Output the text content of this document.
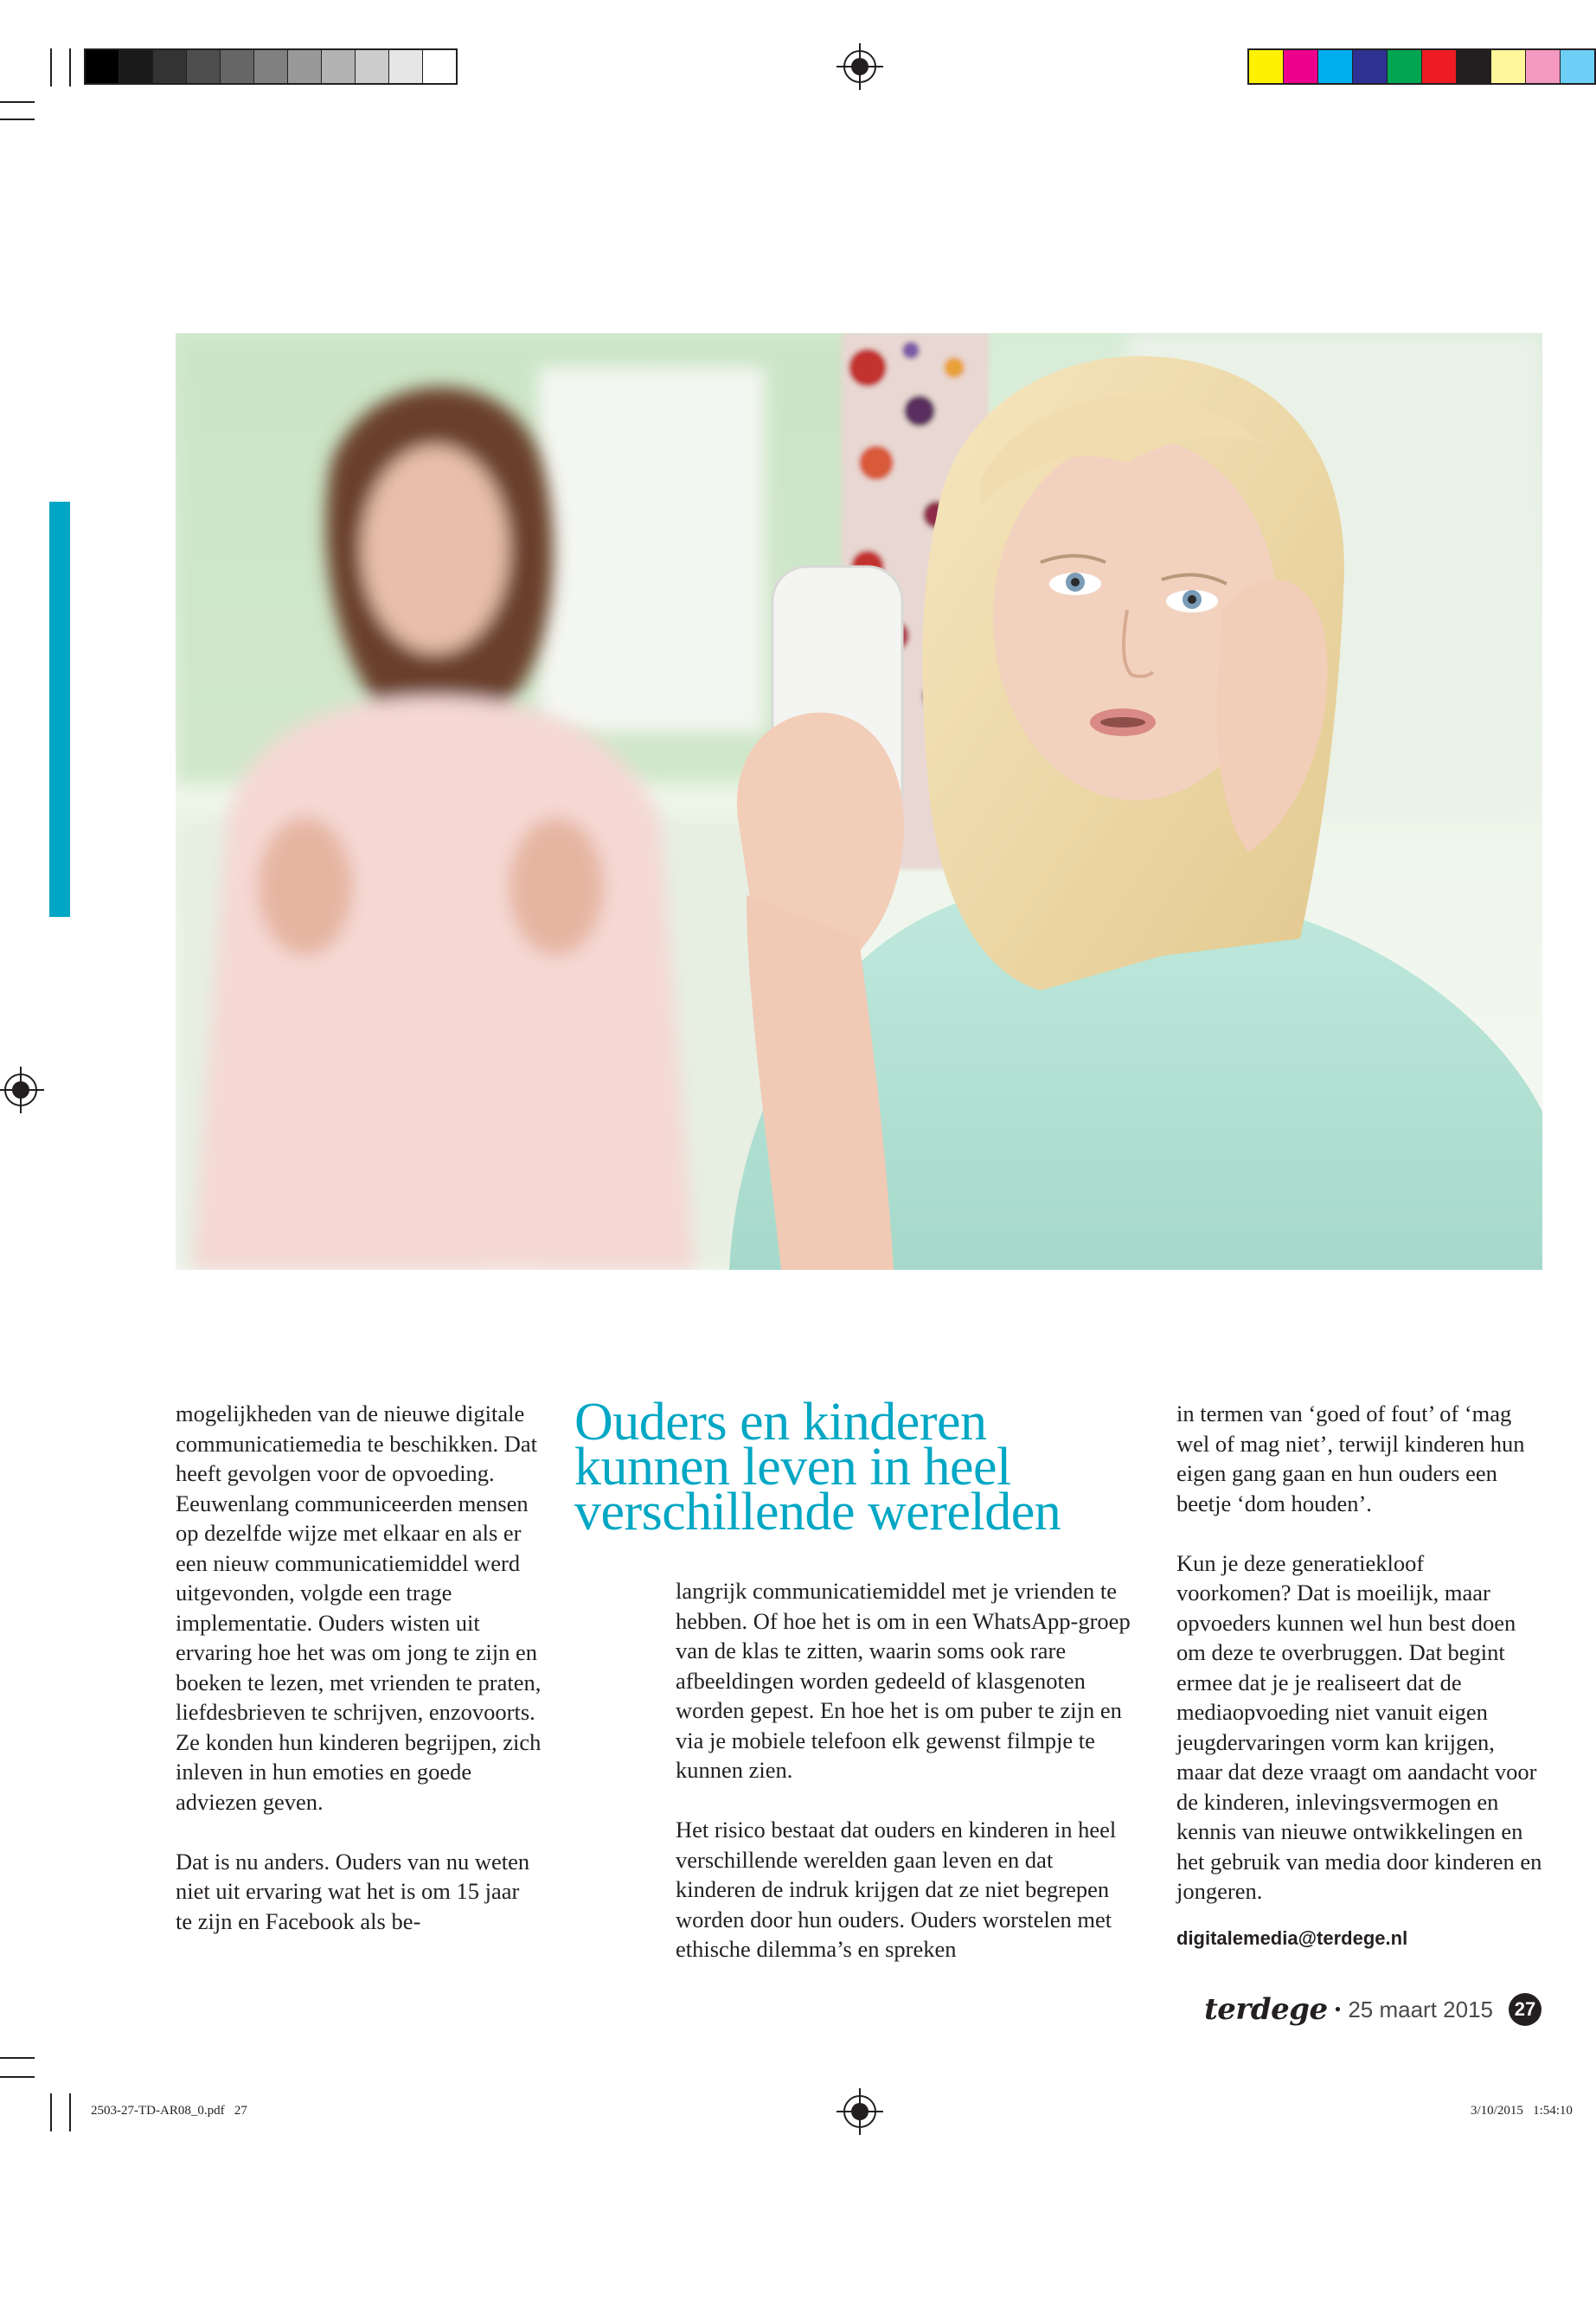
mogelijkheden van de nieuwe digitale communicatiemedia te beschikken. Dat heeft gevolgen voor de opvoeding. Eeuwenlang communiceerden mensen op dezelfde wijze met elkaar en als er een nieuw communicatiemiddel werd uitgevonden, volgde een trage implementatie. Ouders wisten uit ervaring hoe het was om jong te zijn en boeken te lezen, met vrienden te praten, liefdesbrieven te schrijven, enzovoorts. Ze konden hun kinderen begrijpen, zich inleven in hun emoties en goede adviezen geven.

Dat is nu anders. Ouders van nu weten niet uit ervaring wat het is om 15 jaar te zijn en Facebook als be-

Ouders en kinderen kunnen leven in heel verschillende werelden

langrijk communicatiemiddel met je vrienden te hebben. Of hoe het is om in een WhatsApp-groep van de klas te zitten, waarin soms ook rare afbeeldingen worden gedeeld of klasgenoten worden gepest. En hoe het is om puber te zijn en via je mobiele telefoon elk gewenst filmpje te kunnen zien.

Het risico bestaat dat ouders en kinderen in heel verschillende werelden gaan leven en dat kinderen de indruk krijgen dat ze niet begrepen worden door hun ouders. Ouders worstelen met ethische dilemma’s en spreken

in termen van ‘goed of fout’ of ‘mag wel of mag niet’, terwijl kinderen hun eigen gang gaan en hun ouders een beetje ‘dom houden’.

Kun je deze generatiekloof voorkomen? Dat is moeilijk, maar opvoeders kunnen wel hun best doen om deze te overbruggen. Dat begint ermee dat je je realiseert dat de mediaopvoeding niet vanuit eigen jeugdervaringen vorm kan krijgen, maar dat deze vraagt om aandacht voor de kinderen, inlevingsvermogen en kennis van nieuwe ontwikkelingen en het gebruik van media door kinderen en jongeren.

digitalemedia@terdege.nl
terdege • 25 maart 2015	27
2503-27-TD-AR08_0.pdf   27	3/10/2015   1:54:10
